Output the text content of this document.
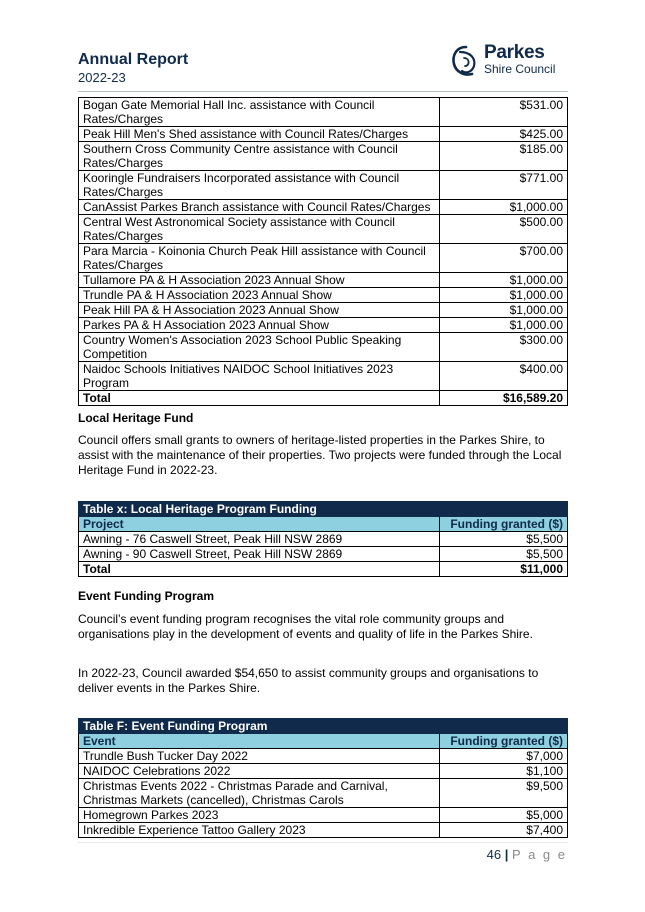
Annual Report
2022-23
Parkes
Shire Council
Bogan Gate Memorial Hall Inc. assistance with Council Rates/Charges	$531.00
Peak Hill Men's Shed assistance with Council Rates/Charges	$425.00
Southern Cross Community Centre assistance with Council Rates/Charges	$185.00
Kooringle Fundraisers Incorporated assistance with Council Rates/Charges	$771.00
CanAssist Parkes Branch assistance with Council Rates/Charges	$1,000.00
Central West Astronomical Society assistance with Council Rates/Charges	$500.00
Para Marcia - Koinonia Church Peak Hill assistance with Council Rates/Charges	$700.00
Tullamore PA & H Association 2023 Annual Show	$1,000.00
Trundle PA & H Association 2023 Annual Show	$1,000.00
Peak Hill PA & H Association 2023 Annual Show	$1,000.00
Parkes PA & H Association 2023 Annual Show	$1,000.00
Country Women's Association 2023 School Public Speaking Competition	$300.00
Naidoc Schools Initiatives NAIDOC School Initiatives 2023 Program	$400.00
Total	$16,589.20
Local Heritage Fund
Council offers small grants to owners of heritage-listed properties in the Parkes Shire, to assist with the maintenance of their properties. Two projects were funded through the Local Heritage Fund in 2022-23.
Table x: Local Heritage Program Funding	
Project	Funding granted ($)
Awning - 76 Caswell Street, Peak Hill NSW 2869	$5,500
Awning - 90 Caswell Street, Peak Hill NSW 2869	$5,500
Total	$11,000
Event Funding Program
Council’s event funding program recognises the vital role community groups and organisations play in the development of events and quality of life in the Parkes Shire.
In 2022-23, Council awarded $54,650 to assist community groups and organisations to deliver events in the Parkes Shire.
Table F: Event Funding Program	
Event	Funding granted ($)
Trundle Bush Tucker Day 2022	$7,000
NAIDOC Celebrations 2022	$1,100
Christmas Events 2022 - Christmas Parade and Carnival, Christmas Markets (cancelled), Christmas Carols	$9,500
Homegrown Parkes 2023	$5,000
Inkredible Experience Tattoo Gallery 2023	$7,400
46 | P a g e
